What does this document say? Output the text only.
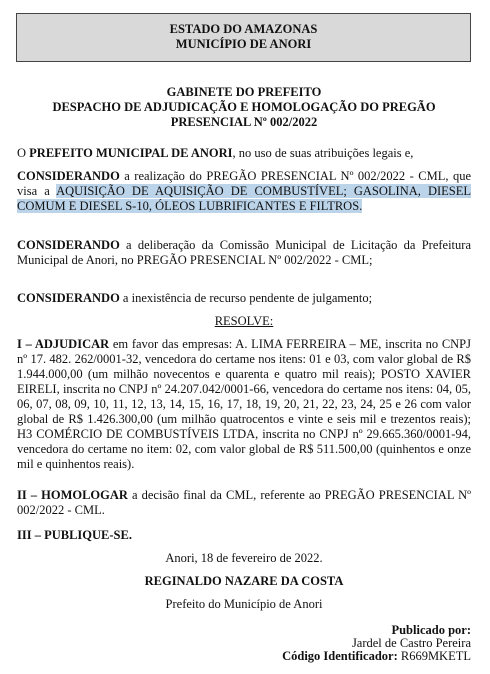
ESTADO DO AMAZONAS
MUNICÍPIO DE ANORI
GABINETE DO PREFEITO
DESPACHO DE ADJUDICAÇÃO E HOMOLOGAÇÃO DO PREGÃO
PRESENCIAL Nº 002/2022

O PREFEITO MUNICIPAL DE ANORI, no uso de suas atribuições legais e,

CONSIDERANDO a realização do PREGÃO PRESENCIAL Nº 002/2022 - CML, que visa a AQUISIÇÃO DE AQUISIÇÃO DE COMBUSTÍVEL; GASOLINA, DIESEL COMUM E DIESEL S-10, ÓLEOS LUBRIFICANTES E FILTROS.

CONSIDERANDO a deliberação da Comissão Municipal de Licitação da Prefeitura Municipal de Anori, no PREGÃO PRESENCIAL Nº 002/2022 - CML;

CONSIDERANDO a inexistência de recurso pendente de julgamento;

RESOLVE:

I – ADJUDICAR em favor das empresas: A. LIMA FERREIRA – ME, inscrita no CNPJ nº 17. 482. 262/0001-32, vencedora do certame nos itens: 01 e 03, com valor global de R$ 1.944.000,00 (um milhão novecentos e quarenta e quatro mil reais); POSTO XAVIER EIRELI, inscrita no CNPJ nº 24.207.042/0001-66, vencedora do certame nos itens: 04, 05, 06, 07, 08, 09, 10, 11, 12, 13, 14, 15, 16, 17, 18, 19, 20, 21, 22, 23, 24, 25 e 26 com valor global de R$ 1.426.300,00 (um milhão quatrocentos e vinte e seis mil e trezentos reais); H3 COMÉRCIO DE COMBUSTÍVEIS LTDA, inscrita no CNPJ nº 29.665.360/0001-94, vencedora do certame no item: 02, com valor global de R$ 511.500,00 (quinhentos e onze mil e quinhentos reais).

II – HOMOLOGAR a decisão final da CML, referente ao PREGÃO PRESENCIAL Nº 002/2022 - CML.

III – PUBLIQUE-SE.

Anori, 18 de fevereiro de 2022.

REGINALDO NAZARE DA COSTA

Prefeito do Município de Anori

Publicado por:
Jardel de Castro Pereira
Código Identificador: R669MKETL
